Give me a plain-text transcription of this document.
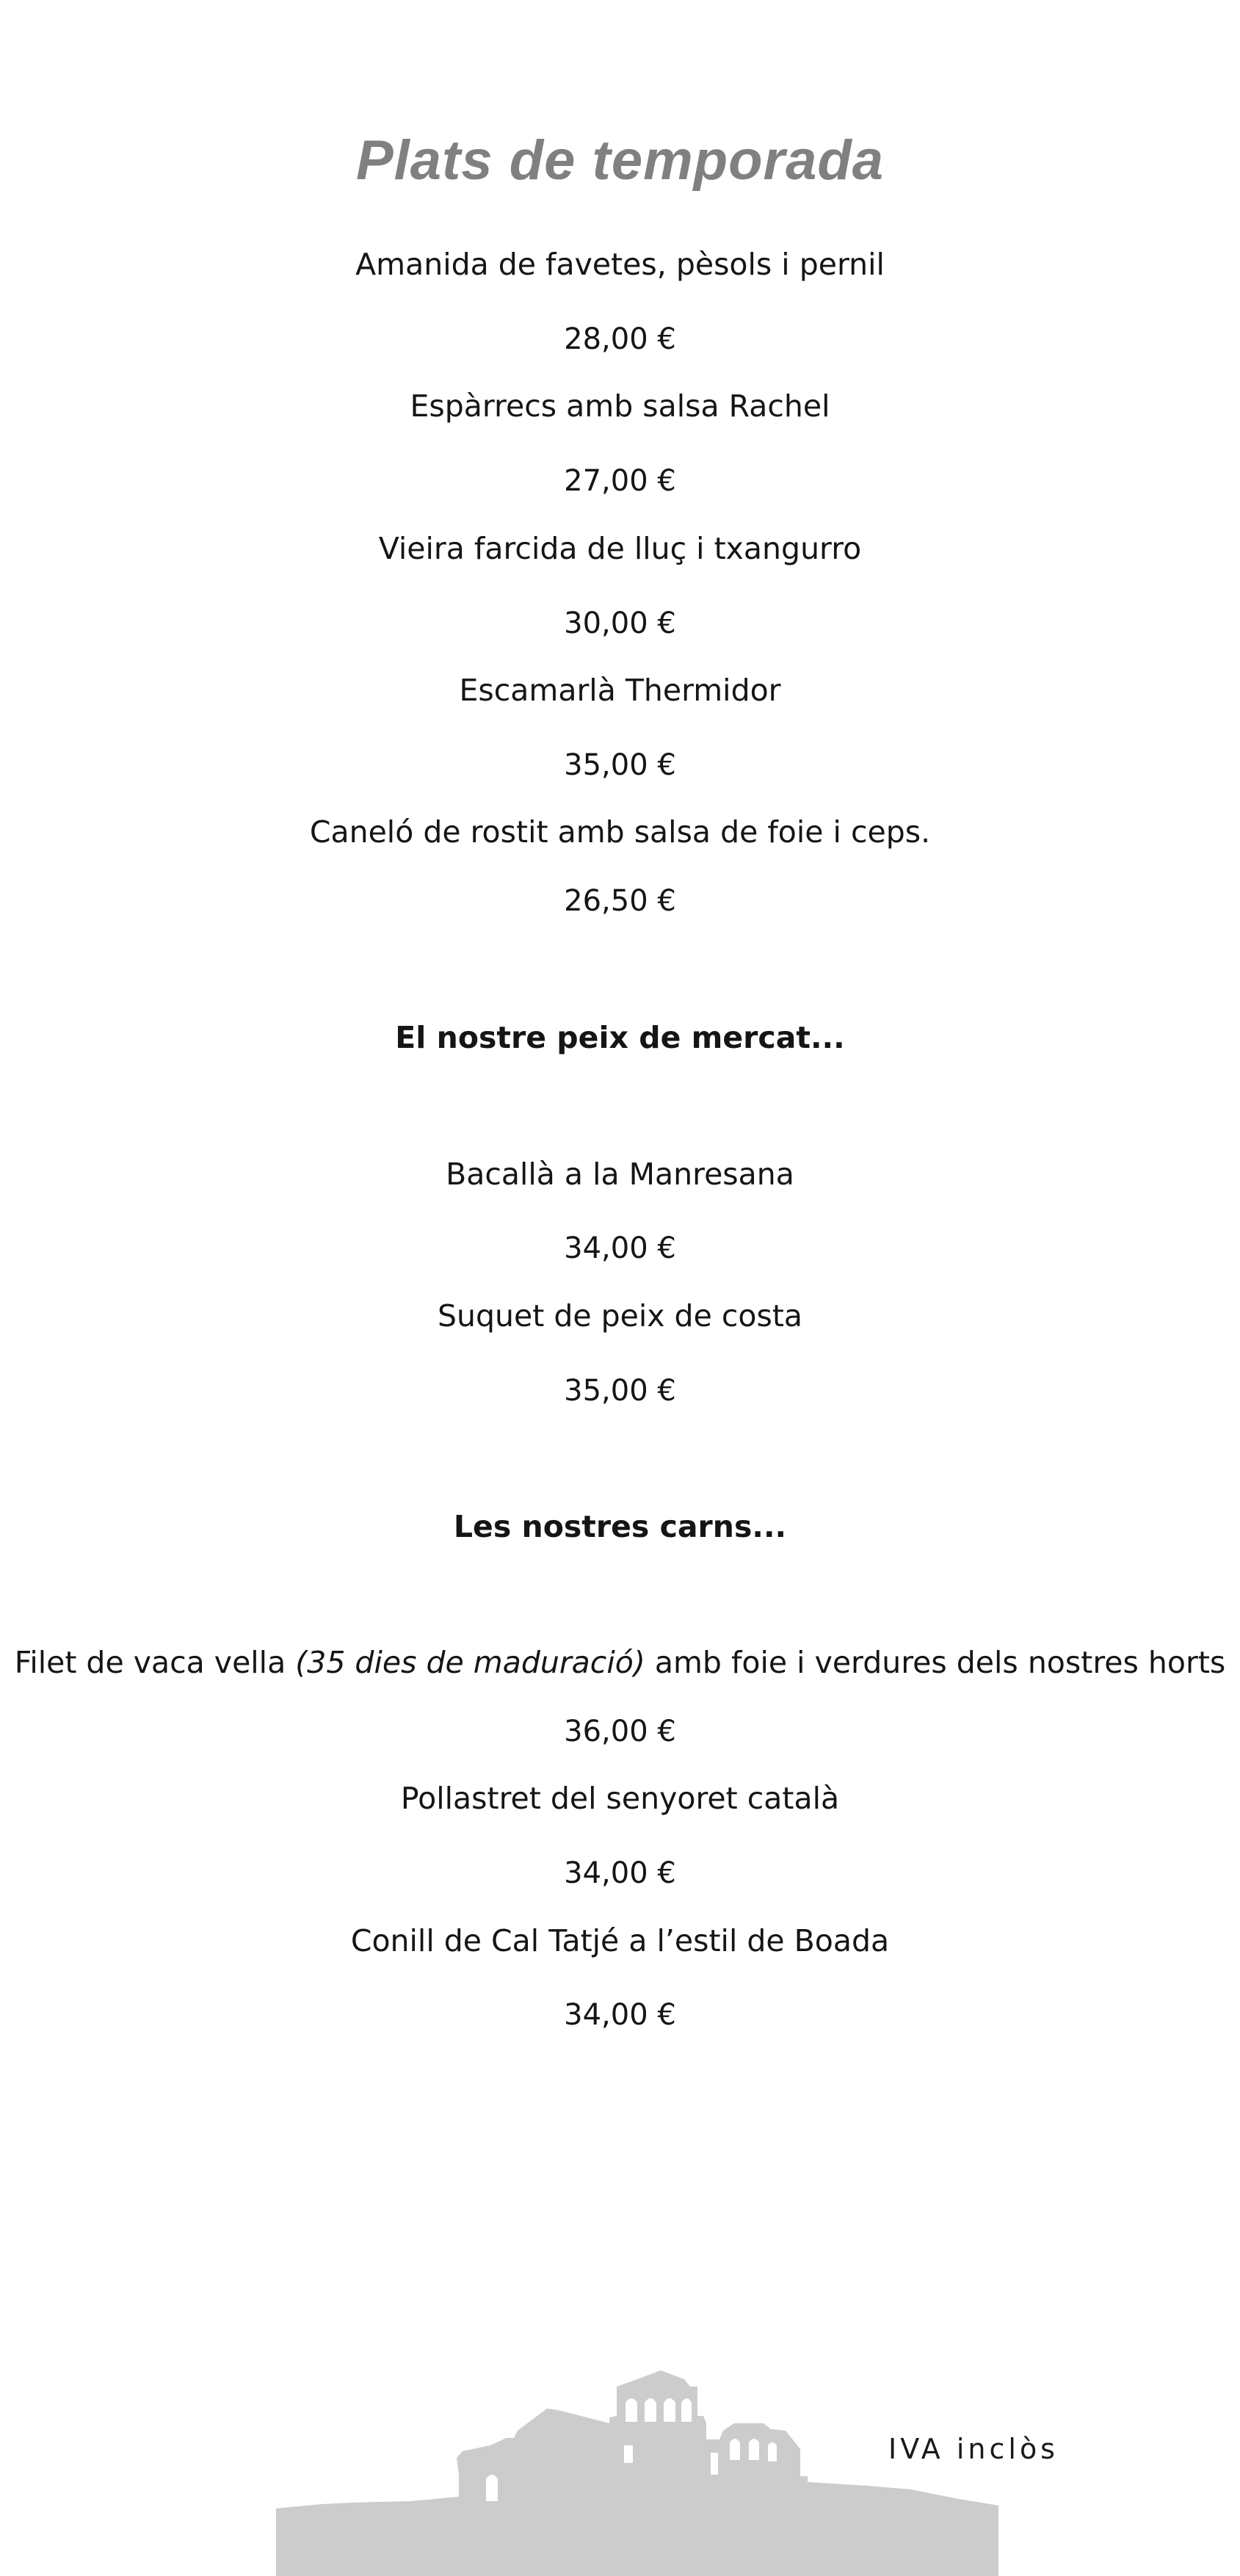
Plats de temporada
Amanida de favetes, pèsols i pernil
28,00 €
Espàrrecs amb salsa Rachel
27,00 €
Vieira farcida de lluç i txangurro
30,00 €
Escamarlà Thermidor
35,00 €
Caneló de rostit amb salsa de foie i ceps.
26,50 €
El nostre peix de mercat...
Bacallà a la Manresana
34,00 €
Suquet de peix de costa
35,00 €
Les nostres carns...
Filet de vaca vella (35 dies de maduració) amb foie i verdures dels nostres horts
36,00 €
Pollastret del senyoret català
34,00 €
Conill de Cal Tatjé a l’estil de Boada
34,00 €
IVA inclòs
